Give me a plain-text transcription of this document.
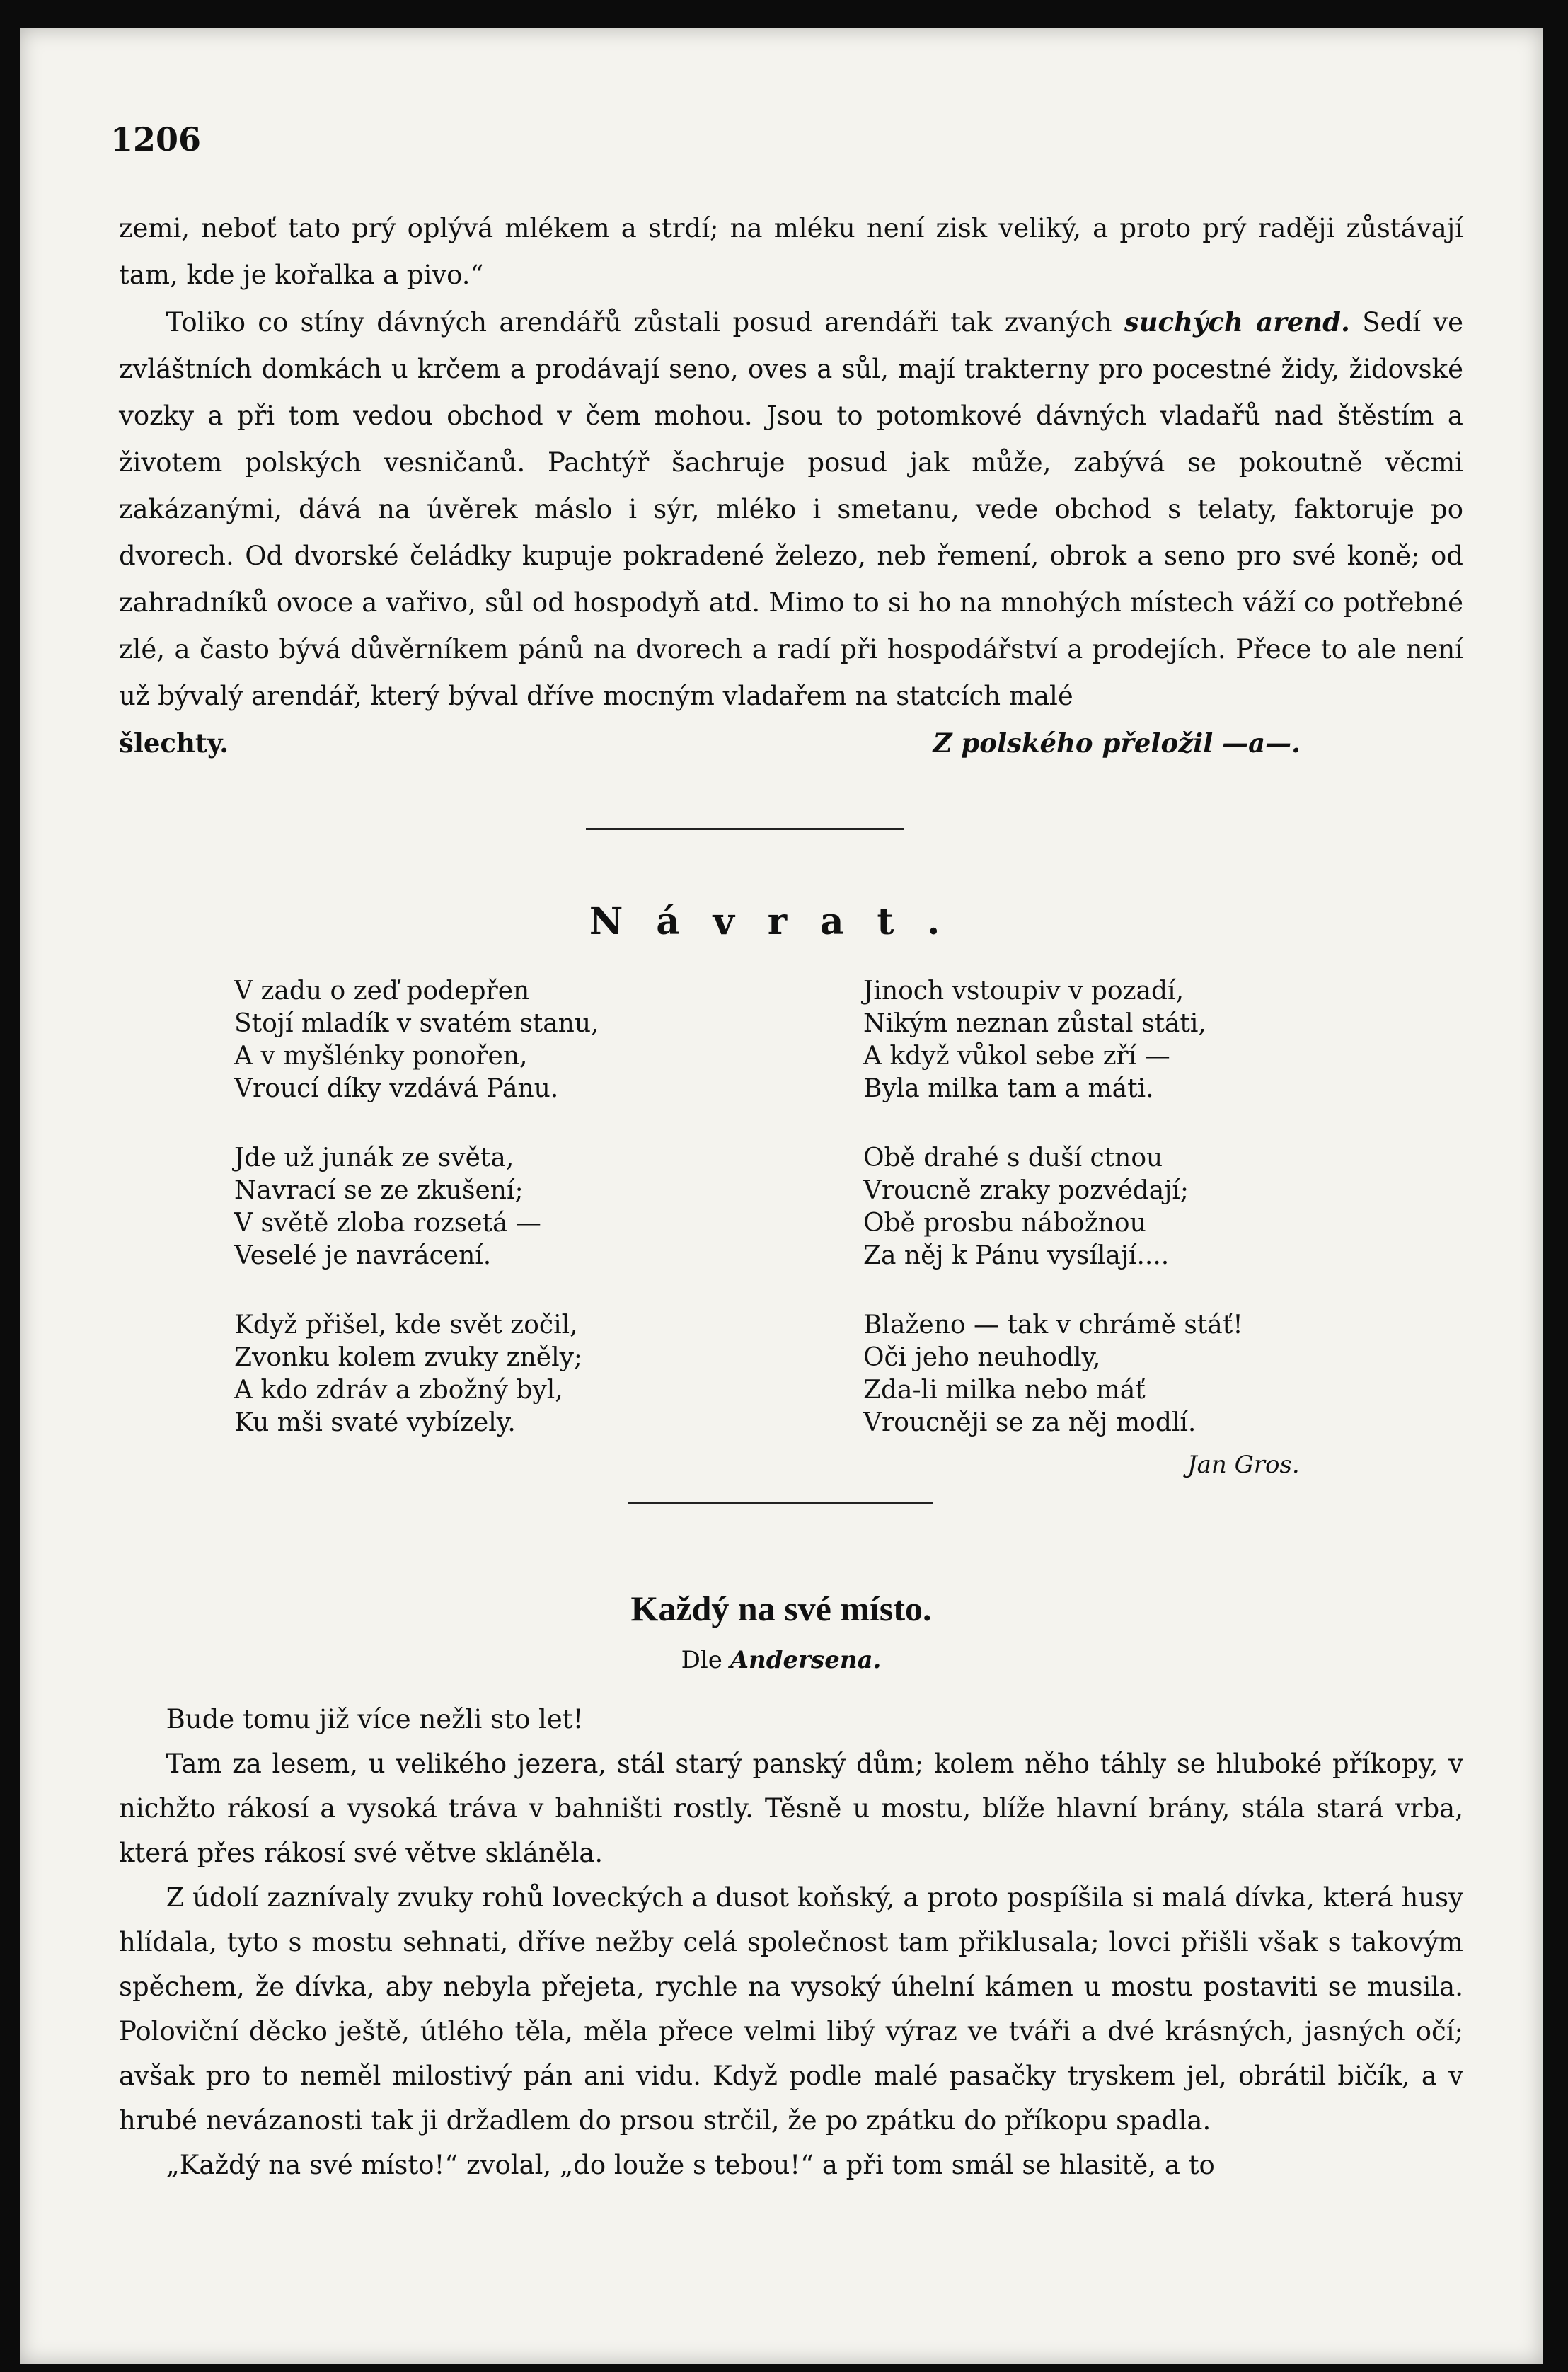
1206

zemi, neboť tato prý oplývá mlékem a strdí; na mléku není zisk veliký, a proto prý raději zůstávají tam, kde je kořalka a pivo.“

Toliko co stíny dávných arendářů zůstali posud arendáři tak zvaných suchých arend. Sedí ve zvláštních domkách u krčem a prodávají seno, oves a sůl, mají trakterny pro pocestné židy, židovské vozky a při tom vedou obchod v čem mohou. Jsou to potomkové dávných vladařů nad štěstím a životem polských vesničanů. Pachtýř šachruje posud jak může, zabývá se pokoutně věcmi zakázanými, dává na úvěrek máslo i sýr, mléko i smetanu, vede obchod s telaty, faktoruje po dvorech. Od dvorské čeládky kupuje pokradené železo, neb řemení, obrok a seno pro své koně; od zahradníků ovoce a vařivo, sůl od hospodyň atd. Mimo to si ho na mnohých místech váží co potřebné zlé, a často bývá důvěrníkem pánů na dvorech a radí při hospodářství a prodejích. Přece to ale není už bývalý arendář, který býval dříve mocným vladařem na statcích malé

šlechty.	Z polského přeložil —a—.
Návrat.
V zadu o zeď podepřen
Stojí mladík v svatém stanu,
A v myšlénky ponořen,
Vroucí díky vzdává Pánu.
Jde už junák ze světa,
Navrací se ze zkušení;
V světě zloba rozsetá —
Veselé je navrácení.
Když přišel, kde svět zočil,
Zvonku kolem zvuky zněly;
A kdo zdráv a zbožný byl,
Ku mši svaté vybízely.
Jinoch vstoupiv v pozadí,
Nikým neznan zůstal státi,
A když vůkol sebe zří —
Byla milka tam a máti.
Obě drahé s duší ctnou
Vroucně zraky pozvédají;
Obě prosbu nábožnou
Za něj k Pánu vysílají....
Blaženo — tak v chrámě stáť!
Oči jeho neuhodly,
Zda-li milka nebo máť
Vroucněji se za něj modlí.
Jan Gros.
Každý na své místo.
Dle Andersena.

Bude tomu již více nežli sto let!

Tam za lesem, u velikého jezera, stál starý panský dům; kolem něho táhly se hluboké příkopy, v nichžto rákosí a vysoká tráva v bahništi rostly. Těsně u mostu, blíže hlavní brány, stála stará vrba, která přes rákosí své větve skláněla.

Z údolí zaznívaly zvuky rohů loveckých a dusot koňský, a proto pospíšila si malá dívka, která husy hlídala, tyto s mostu sehnati, dříve nežby celá společnost tam přiklusala; lovci přišli však s takovým spěchem, že dívka, aby nebyla přejeta, rychle na vysoký úhelní kámen u mostu postaviti se musila. Poloviční děcko ještě, útlého těla, měla přece velmi libý výraz ve tváři a dvé krásných, jasných očí; avšak pro to neměl milostivý pán ani vidu. Když podle malé pasačky tryskem jel, obrátil bičík, a v hrubé nevázanosti tak ji držadlem do prsou strčil, že po zpátku do příkopu spadla.

„Každý na své místo!“ zvolal, „do louže s tebou!“ a při tom smál se hlasitě, a to
